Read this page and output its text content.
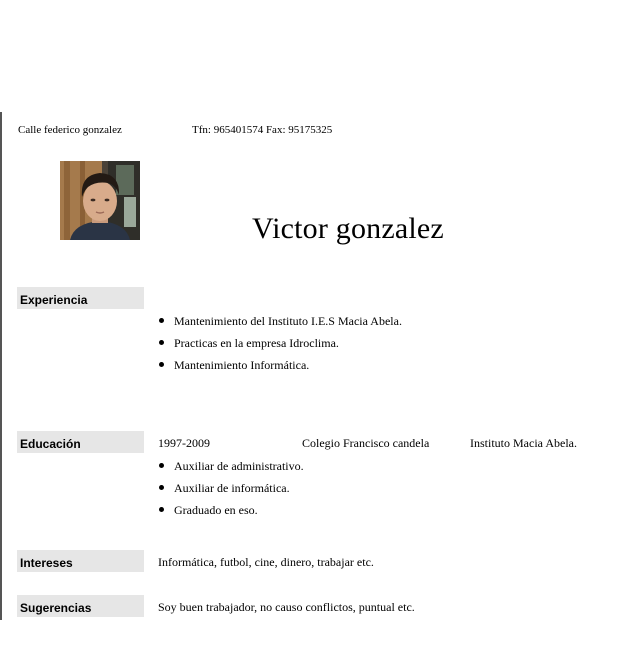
Calle federico gonzalez	Tfn: 965401574 Fax: 95175325
Victor gonzalez
Experiencia
Mantenimiento del Instituto I.E.S Macia Abela.
Practicas en la empresa Idroclima.
Mantenimiento Informática.
Educación	1997-2009	Colegio Francisco candela	Instituto Macia Abela.
Auxiliar de administrativo.
Auxiliar de informática.
Graduado en eso.
Intereses	Informática, futbol, cine, dinero, trabajar etc.
Sugerencias	Soy buen trabajador, no causo conflictos, puntual etc.
